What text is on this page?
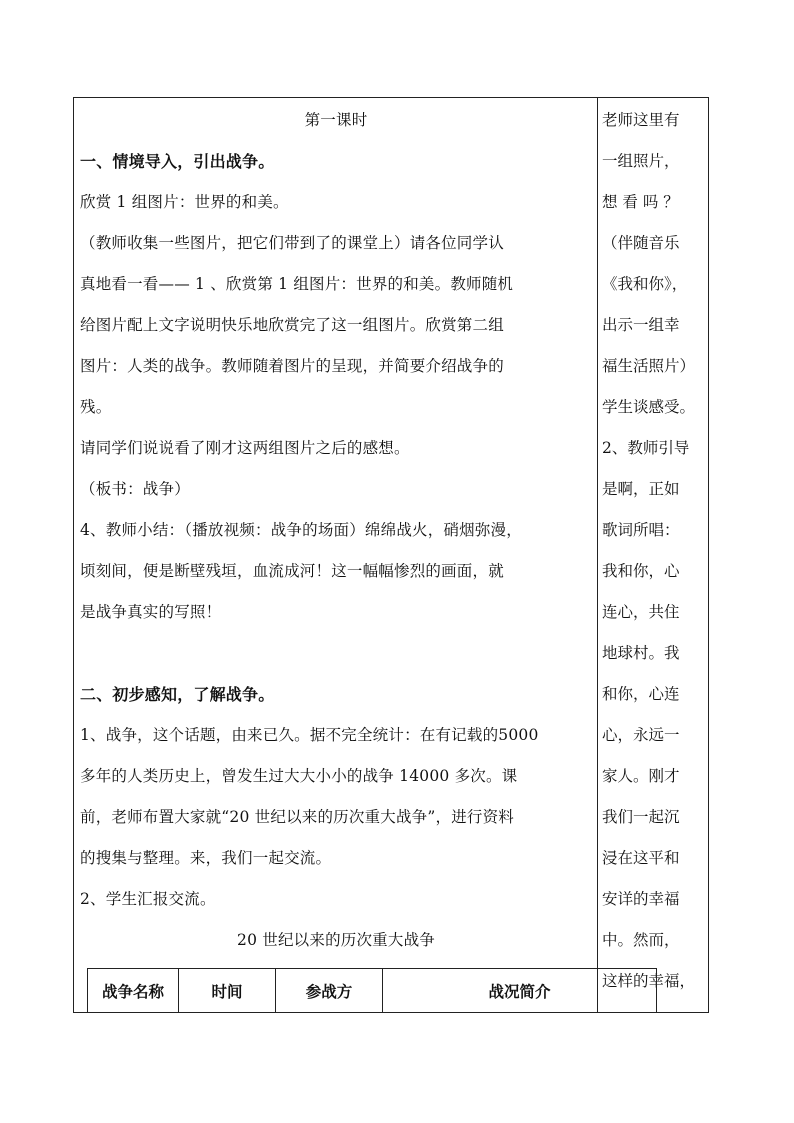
第一课时
一、情境导入，引出战争。
欣赏 1 组图片：世界的和美。
（教师收集一些图片，把它们带到了的课堂上）请各位同学认
真地看一看—— 1 、欣赏第 1 组图片：世界的和美。教师随机
给图片配上文字说明快乐地欣赏完了这一组图片。欣赏第二组
图片：人类的战争。教师随着图片的呈现，并简要介绍战争的
残。
请同学们说说看了刚才这两组图片之后的感想。
（板书：战争）
4、教师小结：（播放视频：战争的场面）绵绵战火，硝烟弥漫，
顷刻间，便是断壁残垣，血流成河！这一幅幅惨烈的画面，就
是战争真实的写照！
二、初步感知，了解战争。
1、战争，这个话题，由来已久。据不完全统计：在有记载的5000
多年的人类历史上，曾发生过大大小小的战争 14000 多次。课
前，老师布置大家就“20 世纪以来的历次重大战争”，进行资料
的搜集与整理。来，我们一起交流。
2、学生汇报交流。
20 世纪以来的历次重大战争
老师这里有
一组照片，
想 看 吗 ？
（伴随音乐
《我和你》，
出示一组幸
福生活照片）
学生谈感受。
2、教师引导
是啊，正如
歌词所唱：
我和你，心
连心，共住
地球村。我
和你，心连
心，永远一
家人。刚才
我们一起沉
浸在这平和
安详的幸福
中。然而，
这样的幸福，
战争名称	时间	参战方	战况简介
